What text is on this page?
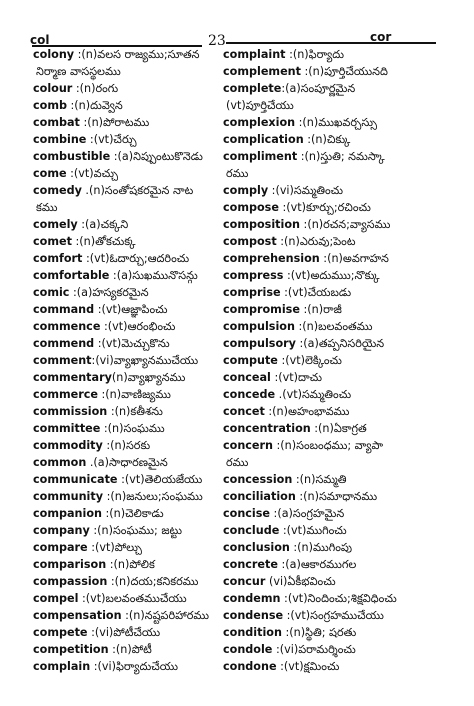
col	23	cor
colony :(n)వలస రాజ్యము;సూతన
నిర్మాణ వాసస్థలము
colour :(n)రంగు
comb :(n)దువ్వెన
combat :(n)పోరాటము
combine :(vt)చేర్చు
combustible :(a)నిప్పుంటుకొనెడు
come :(vt)వచ్చు
comedy .(n)సంతోషకరమైన నాట
కము
comely :(a)చక్కని
comet :(n)తోకచుక్క
comfort :(vt)ఓదార్చు;ఆదరించు
comfortable :(a)సుఖమునొసన్గు
comic :(a)హస్యకరమైన
command :(vt)ఆజ్ఞాపించు
commence :(vt)ఆరంభించు
commend :(vt)మెచ్చుకొను
comment:(vi)వ్యాఖ్యానముచేయు
commentary(n)వ్యాఖ్యానము
commerce :(n)వాణిజ్యము
commission :(n)కతీశను
committee :(n)సంఘము
commodity :(n)సరకు
common .(a)సాధారణమైన
communicate :(vt)తెలియజేయు
community :(n)జనులు;సంఘము
companion :(n)చెలికాడు
company :(n)సంఘము; జట్టు
compare :(vt)పోల్చు
comparison :(n)పోలిక
compassion :(n)దయ;కనికరము
compel :(vt)బలవంతముచేయు
compensation :(n)నష్టపరిహారము
compete :(vi)పోటీచేయు
competition :(n)పోటీ
complain :(vi)ఫిర్యాదుచేయు
complaint :(n)ఫిర్యాదు
complement :(n)పూర్తిచేయునది
complete:(a)సంపూర్ణమైన
(vt)పూర్తిచేయు
complexion :(n)ముఖవర్చస్సు
complication :(n)చిక్కు
compliment :(n)స్తుతి; నమస్కా
రము
comply :(vi)సమ్మతించు
compose :(vt)కూర్చు;రచించు
composition :(n)రచన;వ్యాసము
compost :(n)ఎరువు;పెంట
comprehension :(n)అవగాహన
compress :(vt)అదుముు;నొక్కు
comprise :(vt)చేయబడు
compromise :(n)రాజీ
compulsion :(n)బలవంతము
compulsory :(a)తప్పనిసరియైన
compute :(vt)లెక్కించు
conceal :(vt)దాచు
concede .(vt)సమ్మతించు
concet :(n)అహంభావము
concentration :(n)ఏకాగ్రత
concern :(n)సంబంధము; వ్యాపా
రము
concession :(n)సమ్మతి
conciliation :(n)సమాధానము
concise :(a)సంగ్రహమైన
conclude :(vt)ముగించు
conclusion :(n)ముగింపు
concrete :(a)ఆకారముగల
concur (vi)ఏకీభవించు
condemn :(vt)నిందించు;శిక్షవిధించు
condense :(vt)సంగ్రహముచేయు
condition :(n)స్థితి; షరతు
condole :(vi)పరామర్శించు
condone :(vt)క్షమించు
